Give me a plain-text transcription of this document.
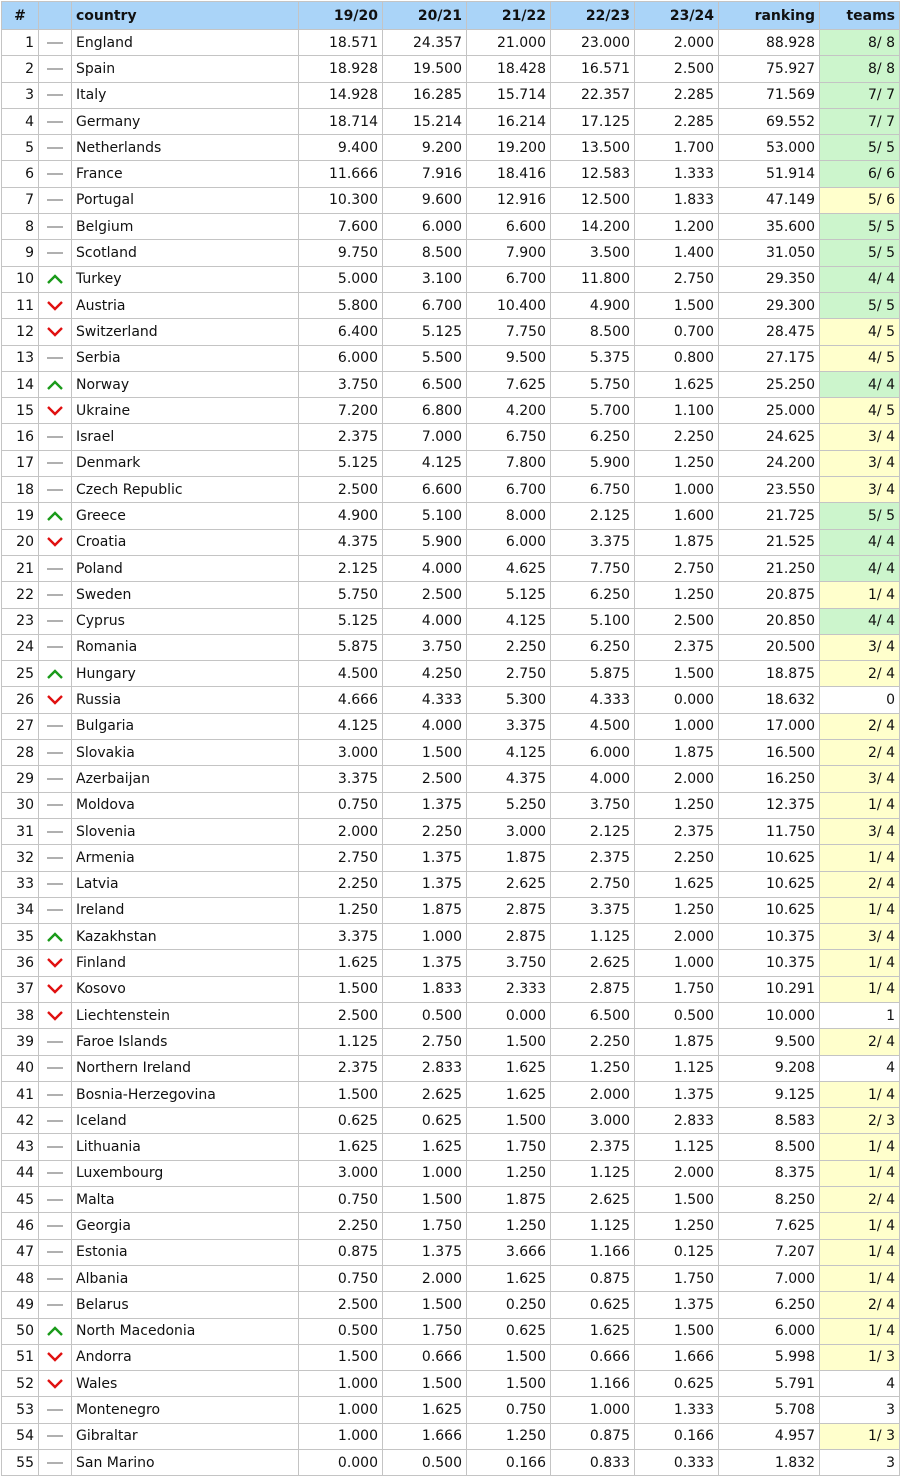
#		country	19/20	20/21	21/22	22/23	23/24	ranking	teams
1		England	18.571	24.357	21.000	23.000	2.000	88.928	8/ 8
2		Spain	18.928	19.500	18.428	16.571	2.500	75.927	8/ 8
3		Italy	14.928	16.285	15.714	22.357	2.285	71.569	7/ 7
4		Germany	18.714	15.214	16.214	17.125	2.285	69.552	7/ 7
5		Netherlands	9.400	9.200	19.200	13.500	1.700	53.000	5/ 5
6		France	11.666	7.916	18.416	12.583	1.333	51.914	6/ 6
7		Portugal	10.300	9.600	12.916	12.500	1.833	47.149	5/ 6
8		Belgium	7.600	6.000	6.600	14.200	1.200	35.600	5/ 5
9		Scotland	9.750	8.500	7.900	3.500	1.400	31.050	5/ 5
10		Turkey	5.000	3.100	6.700	11.800	2.750	29.350	4/ 4
11		Austria	5.800	6.700	10.400	4.900	1.500	29.300	5/ 5
12		Switzerland	6.400	5.125	7.750	8.500	0.700	28.475	4/ 5
13		Serbia	6.000	5.500	9.500	5.375	0.800	27.175	4/ 5
14		Norway	3.750	6.500	7.625	5.750	1.625	25.250	4/ 4
15		Ukraine	7.200	6.800	4.200	5.700	1.100	25.000	4/ 5
16		Israel	2.375	7.000	6.750	6.250	2.250	24.625	3/ 4
17		Denmark	5.125	4.125	7.800	5.900	1.250	24.200	3/ 4
18		Czech Republic	2.500	6.600	6.700	6.750	1.000	23.550	3/ 4
19		Greece	4.900	5.100	8.000	2.125	1.600	21.725	5/ 5
20		Croatia	4.375	5.900	6.000	3.375	1.875	21.525	4/ 4
21		Poland	2.125	4.000	4.625	7.750	2.750	21.250	4/ 4
22		Sweden	5.750	2.500	5.125	6.250	1.250	20.875	1/ 4
23		Cyprus	5.125	4.000	4.125	5.100	2.500	20.850	4/ 4
24		Romania	5.875	3.750	2.250	6.250	2.375	20.500	3/ 4
25		Hungary	4.500	4.250	2.750	5.875	1.500	18.875	2/ 4
26		Russia	4.666	4.333	5.300	4.333	0.000	18.632	0
27		Bulgaria	4.125	4.000	3.375	4.500	1.000	17.000	2/ 4
28		Slovakia	3.000	1.500	4.125	6.000	1.875	16.500	2/ 4
29		Azerbaijan	3.375	2.500	4.375	4.000	2.000	16.250	3/ 4
30		Moldova	0.750	1.375	5.250	3.750	1.250	12.375	1/ 4
31		Slovenia	2.000	2.250	3.000	2.125	2.375	11.750	3/ 4
32		Armenia	2.750	1.375	1.875	2.375	2.250	10.625	1/ 4
33		Latvia	2.250	1.375	2.625	2.750	1.625	10.625	2/ 4
34		Ireland	1.250	1.875	2.875	3.375	1.250	10.625	1/ 4
35		Kazakhstan	3.375	1.000	2.875	1.125	2.000	10.375	3/ 4
36		Finland	1.625	1.375	3.750	2.625	1.000	10.375	1/ 4
37		Kosovo	1.500	1.833	2.333	2.875	1.750	10.291	1/ 4
38		Liechtenstein	2.500	0.500	0.000	6.500	0.500	10.000	1
39		Faroe Islands	1.125	2.750	1.500	2.250	1.875	9.500	2/ 4
40		Northern Ireland	2.375	2.833	1.625	1.250	1.125	9.208	4
41		Bosnia-Herzegovina	1.500	2.625	1.625	2.000	1.375	9.125	1/ 4
42		Iceland	0.625	0.625	1.500	3.000	2.833	8.583	2/ 3
43		Lithuania	1.625	1.625	1.750	2.375	1.125	8.500	1/ 4
44		Luxembourg	3.000	1.000	1.250	1.125	2.000	8.375	1/ 4
45		Malta	0.750	1.500	1.875	2.625	1.500	8.250	2/ 4
46		Georgia	2.250	1.750	1.250	1.125	1.250	7.625	1/ 4
47		Estonia	0.875	1.375	3.666	1.166	0.125	7.207	1/ 4
48		Albania	0.750	2.000	1.625	0.875	1.750	7.000	1/ 4
49		Belarus	2.500	1.500	0.250	0.625	1.375	6.250	2/ 4
50		North Macedonia	0.500	1.750	0.625	1.625	1.500	6.000	1/ 4
51		Andorra	1.500	0.666	1.500	0.666	1.666	5.998	1/ 3
52		Wales	1.000	1.500	1.500	1.166	0.625	5.791	4
53		Montenegro	1.000	1.625	0.750	1.000	1.333	5.708	3
54		Gibraltar	1.000	1.666	1.250	0.875	0.166	4.957	1/ 3
55		San Marino	0.000	0.500	0.166	0.833	0.333	1.832	3
